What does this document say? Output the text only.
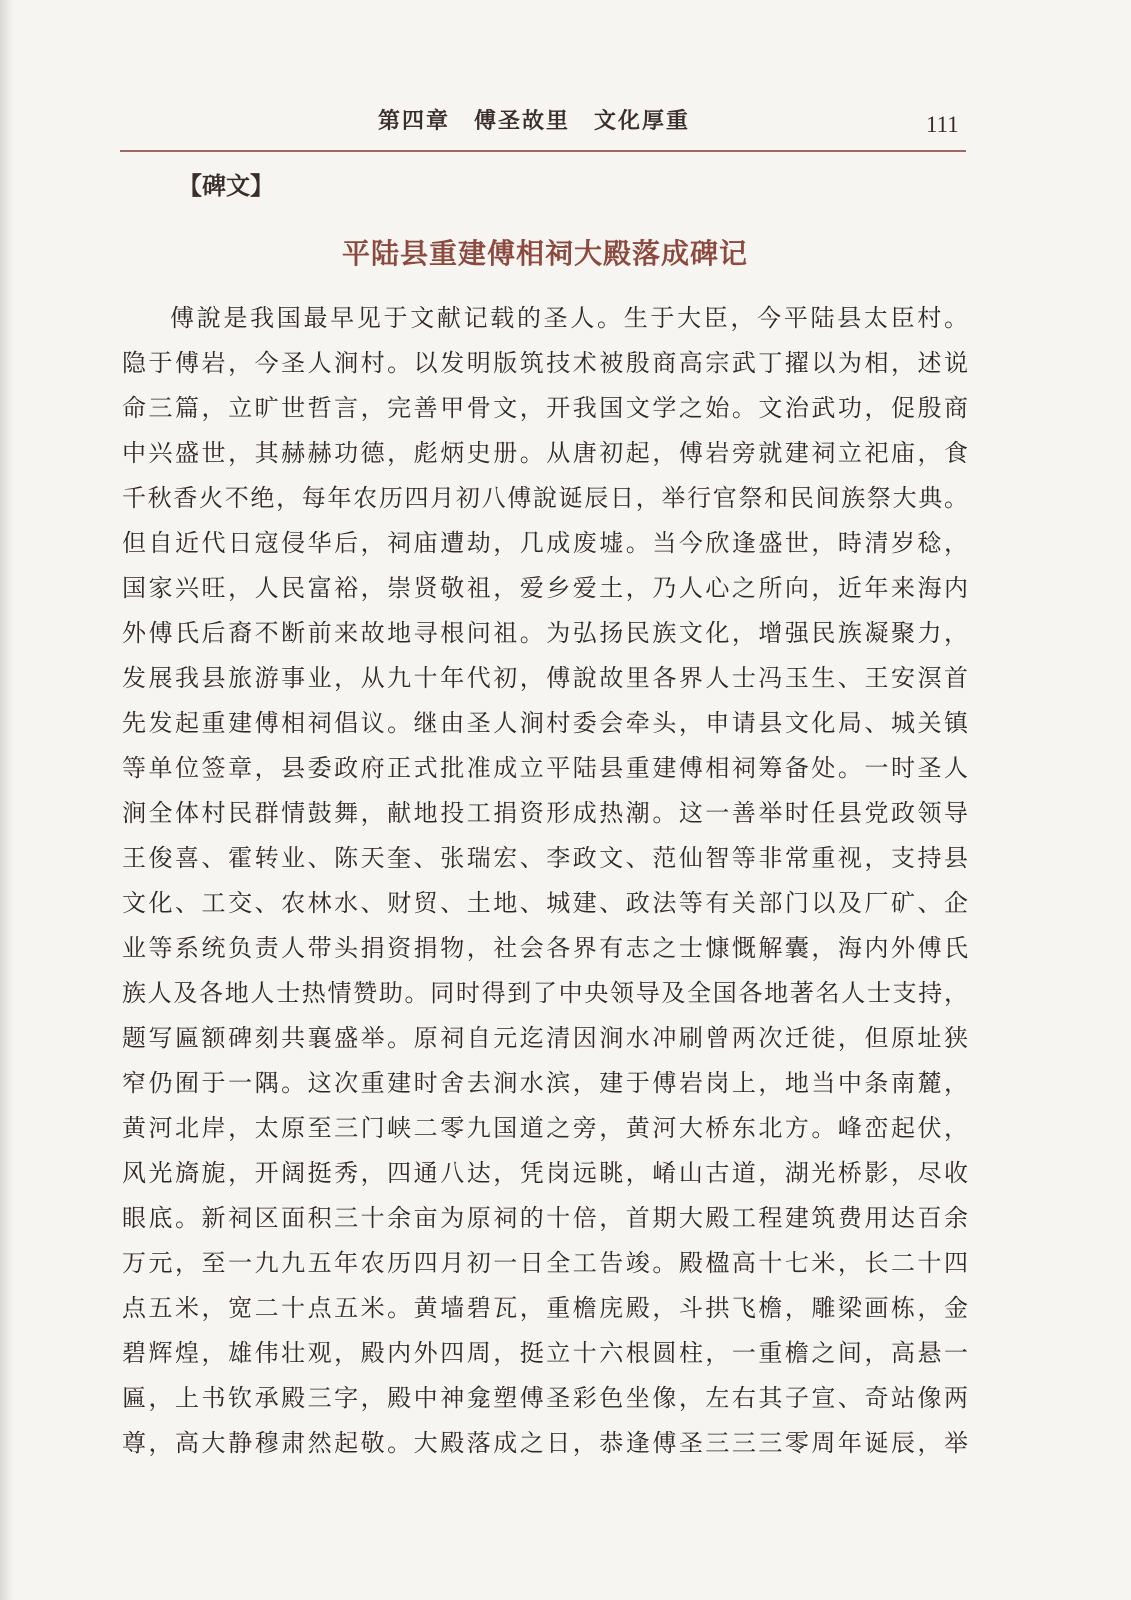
第四章　傅圣故里　文化厚重	111
【碑文】
平陆县重建傅相祠大殿落成碑记
傅說是我国最早见于文献记载的圣人。生于大臣，今平陆县太臣村。
隐于傅岩，今圣人涧村。以发明版筑技术被殷商高宗武丁擢以为相，述说
命三篇，立旷世哲言，完善甲骨文，开我国文学之始。文治武功，促殷商
中兴盛世，其赫赫功德，彪炳史册。从唐初起，傅岩旁就建祠立祀庙，食
千秋香火不绝，每年农历四月初八傅說诞辰日，举行官祭和民间族祭大典。
但自近代日寇侵华后，祠庙遭劫，几成废墟。当今欣逢盛世，時清岁稔，
国家兴旺，人民富裕，崇贤敬祖，爱乡爱土，乃人心之所向，近年来海内
外傅氏后裔不断前来故地寻根问祖。为弘扬民族文化，增强民族凝聚力，
发展我县旅游事业，从九十年代初，傅說故里各界人士冯玉生、王安溟首
先发起重建傅相祠倡议。继由圣人涧村委会牵头，申请县文化局、城关镇
等单位签章，县委政府正式批准成立平陆县重建傅相祠筹备处。一时圣人
涧全体村民群情鼓舞，献地投工捐资形成热潮。这一善举时任县党政领导
王俊喜、霍转业、陈天奎、张瑞宏、李政文、范仙智等非常重视，支持县
文化、工交、农林水、财贸、土地、城建、政法等有关部门以及厂矿、企
业等系统负责人带头捐资捐物，社会各界有志之士慷慨解囊，海内外傅氏
族人及各地人士热情赞助。同时得到了中央领导及全国各地著名人士支持，
题写匾额碑刻共襄盛举。原祠自元迄清因涧水冲刷曾两次迁徙，但原址狭
窄仍囿于一隅。这次重建时舍去涧水滨，建于傅岩岗上，地当中条南麓，
黄河北岸，太原至三门峡二零九国道之旁，黄河大桥东北方。峰峦起伏，
风光旖旎，开阔挺秀，四通八达，凭岗远眺，崤山古道，湖光桥影，尽收
眼底。新祠区面积三十余亩为原祠的十倍，首期大殿工程建筑费用达百余
万元，至一九九五年农历四月初一日全工告竣。殿楹高十七米，长二十四
点五米，宽二十点五米。黄墙碧瓦，重檐庑殿，斗拱飞檐，雕梁画栋，金
碧辉煌，雄伟壮观，殿内外四周，挺立十六根圆柱，一重檐之间，高悬一
匾，上书钦承殿三字，殿中神龛塑傅圣彩色坐像，左右其子宣、奇站像两
尊，高大静穆肃然起敬。大殿落成之日，恭逢傅圣三三三零周年诞辰，举
